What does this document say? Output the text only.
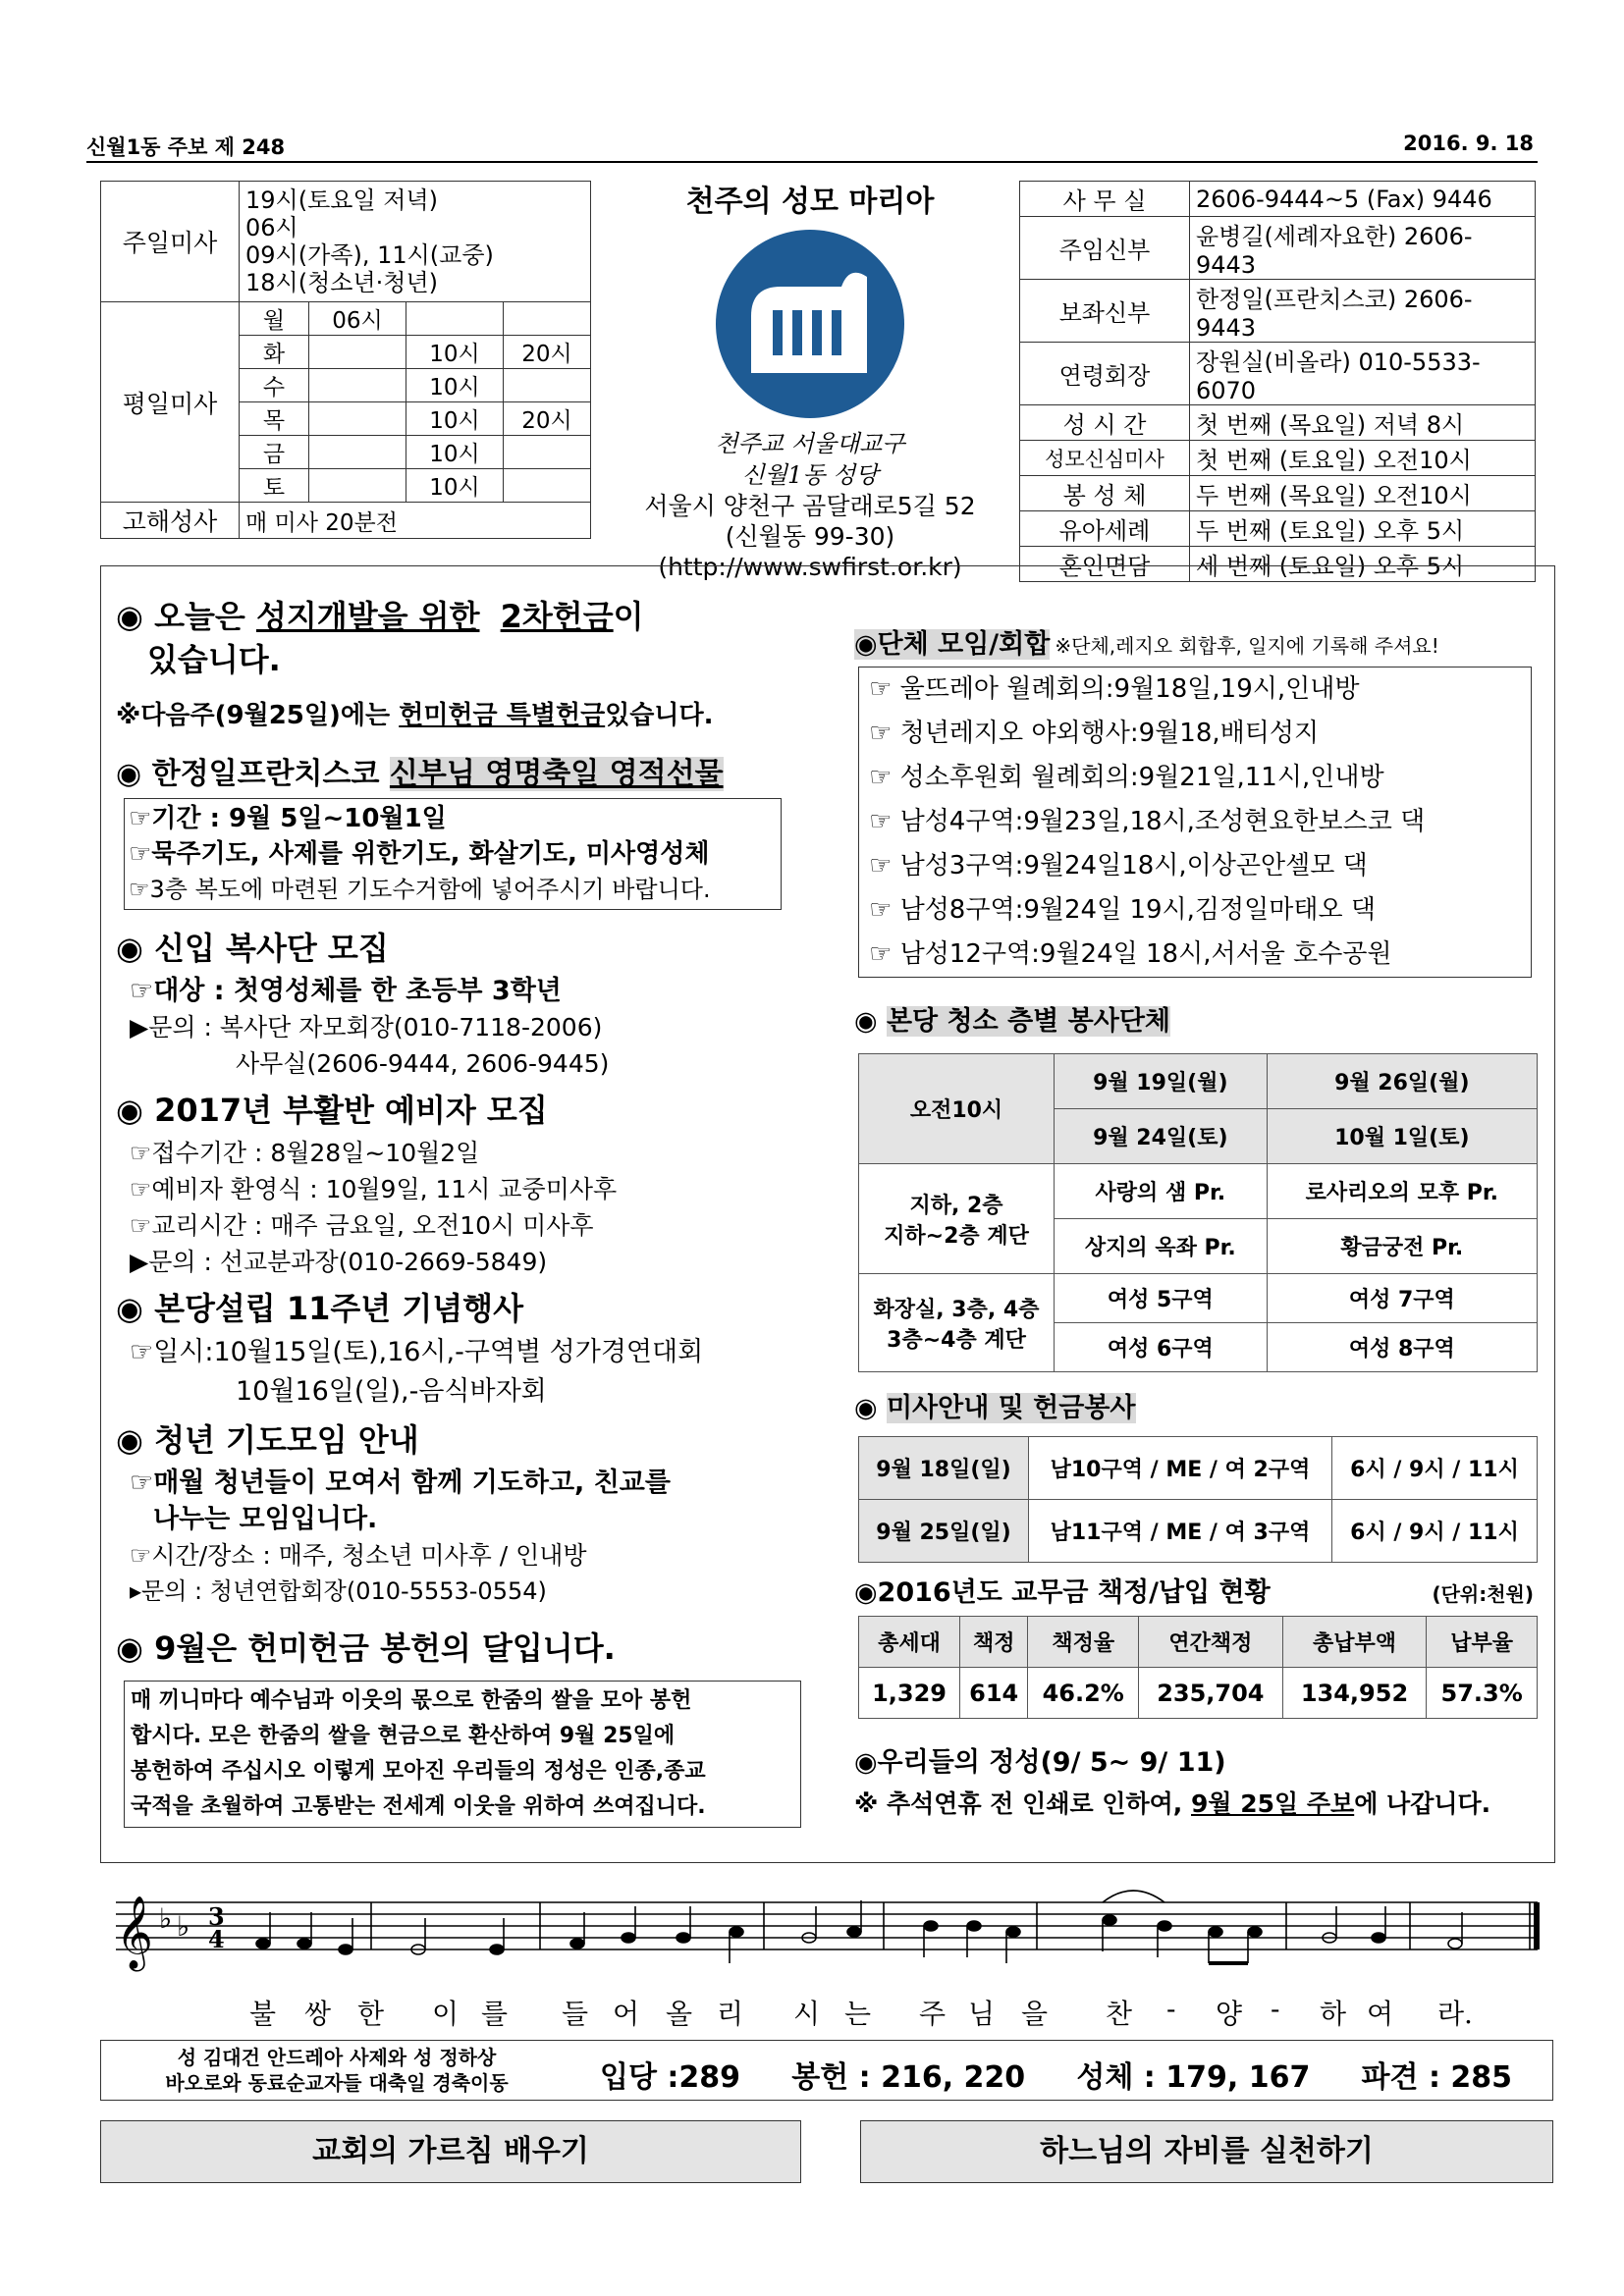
신월1동 주보 제 248	2016. 9. 18
주일미사	19시(토요일 저녁)
06시
09시(가족), 11시(교중)
18시(청소년·청년)			

평일미사	월	06시		
	화		10시	20시
	수		10시	
	목		10시	20시
	금		10시	
	토		10시	
고해성사	매 미사 20분전			
천주의 성모 마리아
천주교 서울대교구
신월1동 성당
서울시 양천구 곰달래로5길 52
(신월동 99-30)
(http://www.swfirst.or.kr)
사 무 실	2606-9444~5 (Fax) 9446
주임신부	윤병길(세례자요한) 2606-9443
보좌신부	한정일(프란치스코) 2606-9443
연령회장	장원실(비올라) 010-5533-6070
성 시 간	첫 번째 (목요일) 저녁 8시
성모신심미사	첫 번째 (토요일) 오전10시
봉 성 체	두 번째 (목요일) 오전10시
유아세례	두 번째 (토요일) 오후 5시
혼인면담	세 번째 (토요일) 오후 5시
◉ 오늘은 성지개발을 위한 2차헌금이
있습니다.
※다음주(9월25일)에는 헌미헌금 특별헌금있습니다.
◉ 한정일프란치스코 신부님 영명축일 영적선물
☞기간 : 9월 5일~10월1일
☞묵주기도, 사제를 위한기도, 화살기도, 미사영성체
☞3층 복도에 마련된 기도수거함에 넣어주시기 바랍니다.
◉ 신입 복사단 모집
☞대상 : 첫영성체를 한 초등부 3학년
▶문의 : 복사단 자모회장(010-7118-2006)
사무실(2606-9444, 2606-9445)
◉ 2017년 부활반 예비자 모집
☞접수기간 : 8월28일~10월2일
☞예비자 환영식 : 10월9일, 11시 교중미사후
☞교리시간 : 매주 금요일, 오전10시 미사후
▶문의 : 선교분과장(010-2669-5849)
◉ 본당설립 11주년 기념행사
☞일시:10월15일(토),16시,-구역별 성가경연대회
10월16일(일),-음식바자회
◉ 청년 기도모임 안내
☞매월 청년들이 모여서 함께 기도하고, 친교를
나누는 모임입니다.
☞시간/장소 : 매주, 청소년 미사후 / 인내방
▸문의 : 청년연합회장(010-5553-0554)
◉ 9월은 헌미헌금 봉헌의 달입니다.
매 끼니마다 예수님과 이웃의 몫으로 한줌의 쌀을 모아 봉헌
합시다. 모은 한줌의 쌀을 현금으로 환산하여 9월 25일에
봉헌하여 주십시오 이렇게 모아진 우리들의 정성은 인종,종교
국적을 초월하여 고통받는 전세계 이웃을 위하여 쓰여집니다.
◉단체 모임/회합 ※단체,레지오 회합후, 일지에 기록해 주셔요!
☞ 울뜨레아 월례회의:9월18일,19시,인내방
☞ 청년레지오 야외행사:9월18,배티성지
☞ 성소후원회 월례회의:9월21일,11시,인내방
☞ 남성4구역:9월23일,18시,조성현요한보스코 댁
☞ 남성3구역:9월24일18시,이상곤안셀모 댁
☞ 남성8구역:9월24일 19시,김정일마태오 댁
☞ 남성12구역:9월24일 18시,서서울 호수공원
◉ 본당 청소 층별 봉사단체
오전10시	9월 19일(월)	9월 26일(월)
	9월 24일(토)	10월 1일(토)

지하, 2층
지하~2층 계단	사랑의 샘 Pr.	로사리오의 모후 Pr.
	상지의 옥좌 Pr.	황금궁전 Pr.

화장실, 3층, 4층
3층~4층 계단	여성 5구역	여성 7구역
	여성 6구역	여성 8구역
◉ 미사안내 및 헌금봉사
9월 18일(일)	남10구역 / ME / 여 2구역	6시 / 9시 / 11시
9월 25일(일)	남11구역 / ME / 여 3구역	6시 / 9시 / 11시
◉2016년도 교무금 책정/납입 현황	(단위:천원)
총세대	책정	책정율	연간책정	총납부액	납부율
1,329	614	46.2%	235,704	134,952	57.3%
◉우리들의 정성(9/ 5~ 9/ 11)
※ 추석연휴 전 인쇄로 인하여, 9월 25일 주보에 나갑니다.
𝄞 ♭ ♭ 3
4
불 쌍 한 이 를 들 어 올 리 시 는 주 님 을 찬 - 양 - 하 여 라.
성 김대건 안드레아 사제와 성 정하상
바오로와 동료순교자들 대축일 경축이동	입당 :289     봉헌 : 216, 220     성체 : 179, 167     파견 : 285
교회의 가르침 배우기	하느님의 자비를 실천하기
